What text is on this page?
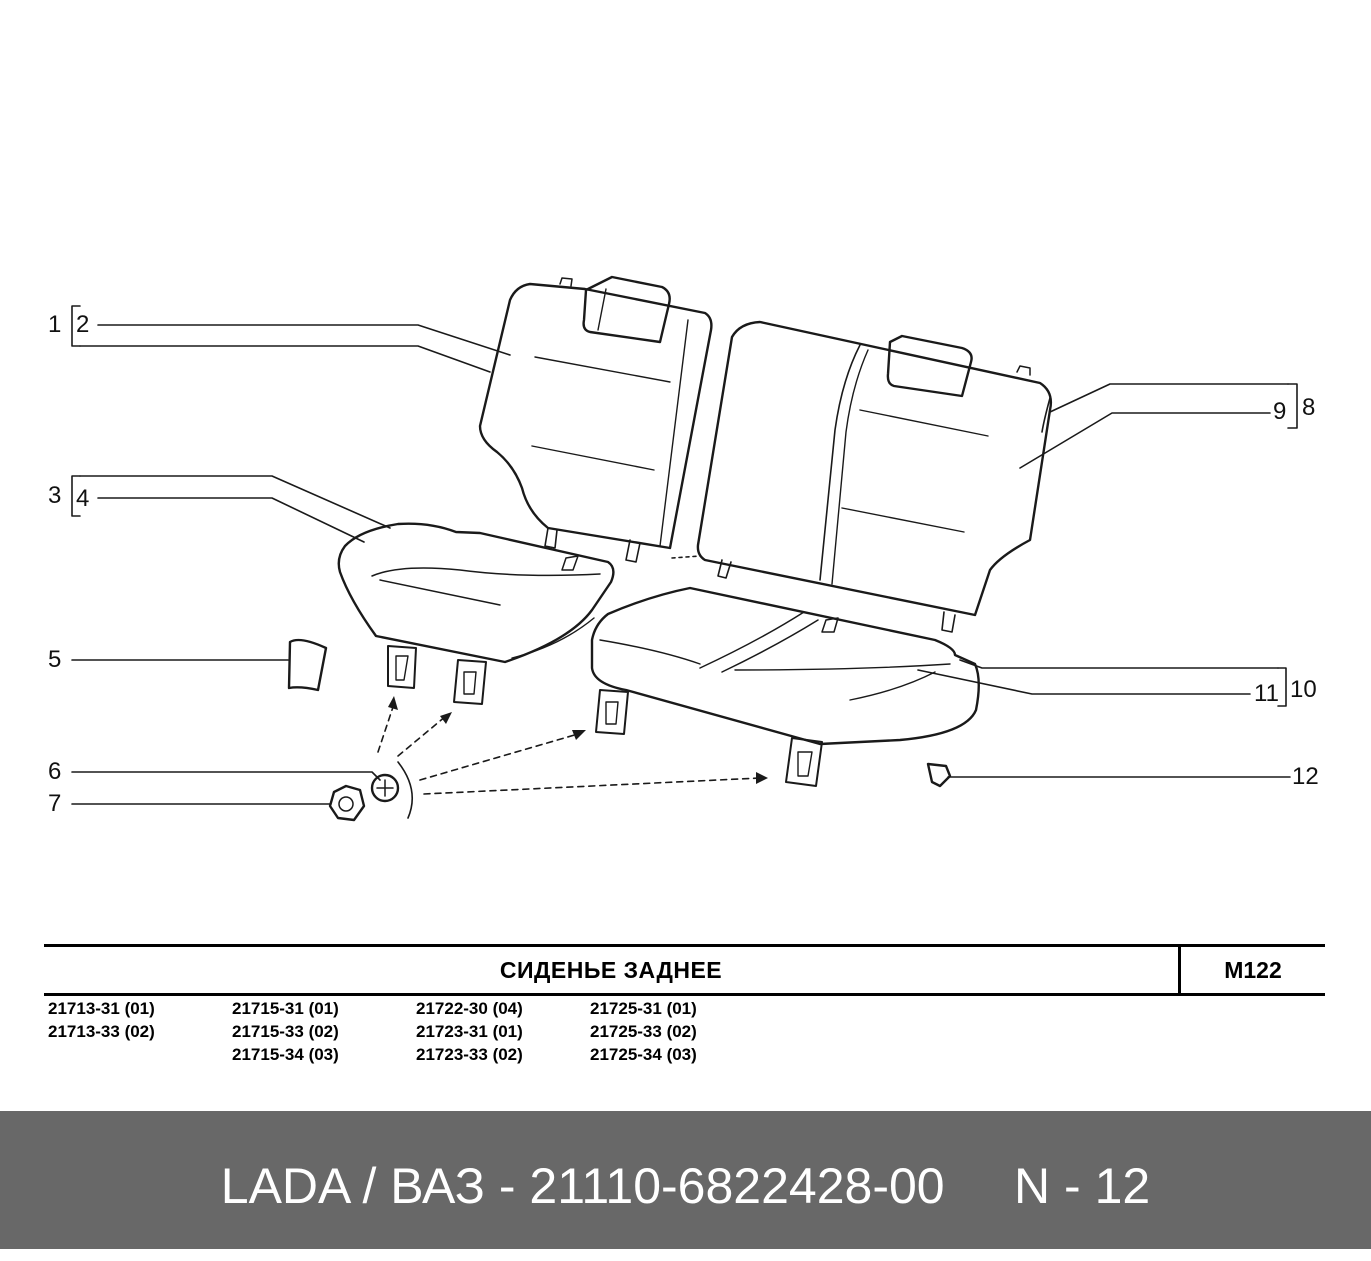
1 2
3 4
5
6
7
8
9
10
11
12
СИДЕНЬЕ ЗАДНЕЕ	M122
21713-31 (01)
21713-33 (02)
21715-31 (01)
21715-33 (02)
21715-34 (03)
21722-30 (04)
21723-31 (01)
21723-33 (02)
21725-31 (01)
21725-33 (02)
21725-34 (03)
LADA / ВАЗ - 21110-6822428-00     N - 12
